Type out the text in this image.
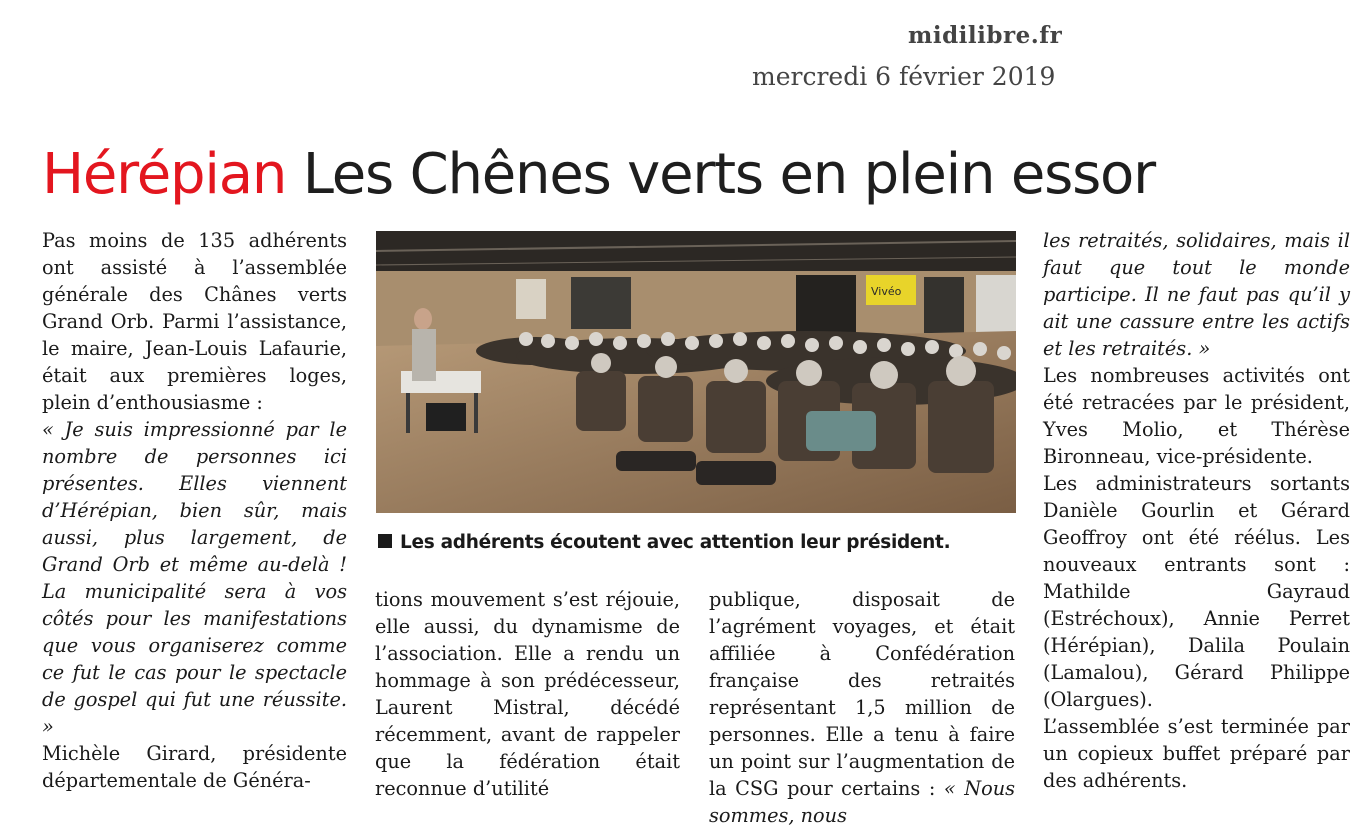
midilibre.fr
mercredi 6 février 2019
Hérépian Les Chênes verts en plein essor

Pas moins de 135 adhérents ont assisté à l’assemblée générale des Chânes verts Grand Orb. Parmi l’assistance, le maire, Jean-Louis Lafaurie, était aux premières loges, plein d’enthousiasme :

« Je suis impressionné par le nombre de personnes ici présentes. Elles viennent d’Hérépian, bien sûr, mais aussi, plus largement, de Grand Orb et même au-delà ! La municipalité sera à vos côtés pour les manifestations que vous organiserez comme ce fut le cas pour le spectacle de gospel qui fut une réussite. »

Michèle Girard, présidente départementale de Généra-

Vivéo
Les adhérents écoutent avec attention leur président.

tions mouvement s’est réjouie, elle aussi, du dynamisme de l’association. Elle a rendu un hommage à son prédécesseur, Laurent Mistral, décédé récemment, avant de rappeler que la fédération était reconnue d’utilité

publique, disposait de l’agrément voyages, et était affiliée à Confédération française des retraités représentant 1,5 million de personnes. Elle a tenu à faire un point sur l’augmentation de la CSG pour certains : « Nous sommes, nous

les retraités, solidaires, mais il faut que tout le monde participe. Il ne faut pas qu’il y ait une cassure entre les actifs et les retraités. »

Les nombreuses activités ont été retracées par le président, Yves Molio, et Thérèse Bironneau, vice-présidente.

Les administrateurs sortants Danièle Gourlin et Gérard Geoffroy ont été réélus. Les nouveaux entrants sont : Mathilde Gayraud (Estréchoux), Annie Perret (Hérépian), Dalila Poulain (Lamalou), Gérard Philippe (Olargues).

L’assemblée s’est terminée par un copieux buffet préparé par des adhérents.
